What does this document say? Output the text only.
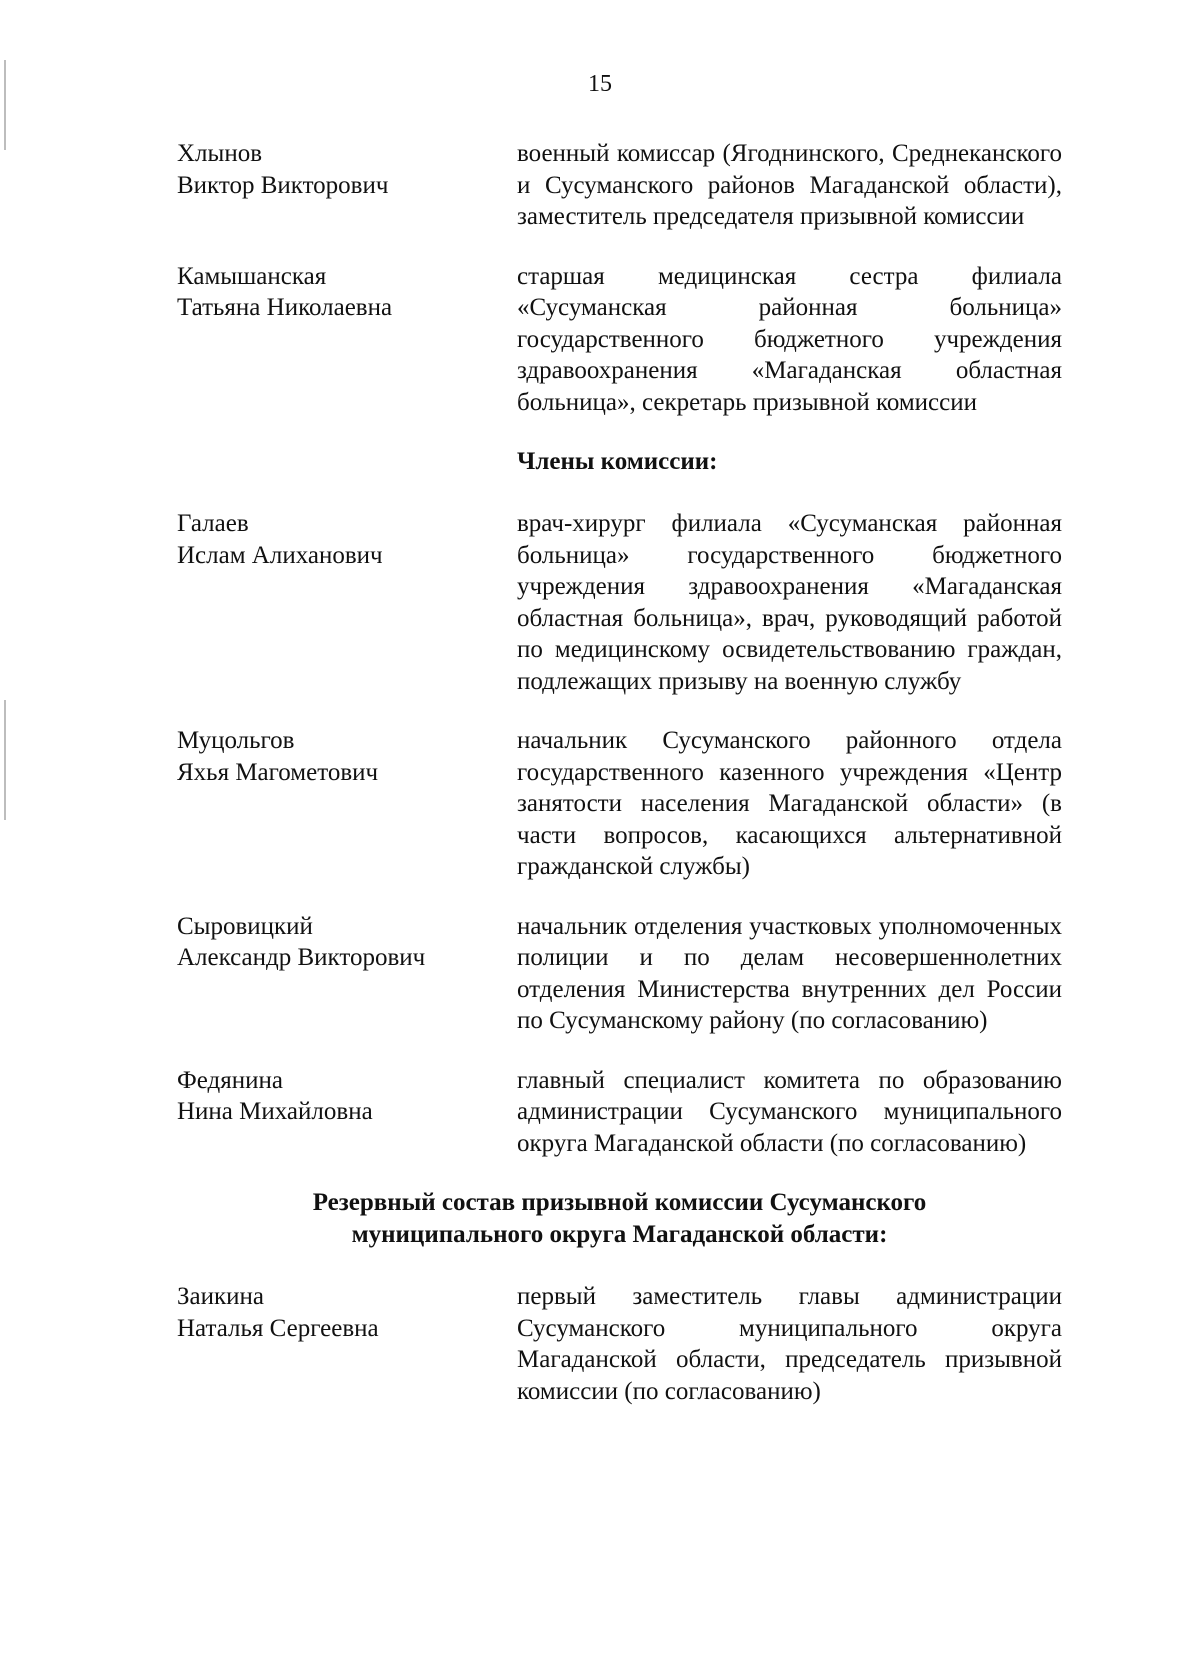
15
Хлынов
Виктор Викторович

военный комиссар (Ягоднинского, Среднеканского и Сусуманского районов Магаданской области), заместитель председателя призывной комиссии

Камышанская
Татьяна Николаевна

старшая медицинская сестра филиала «Сусуманская районная больница» государственного бюджетного учреждения здравоохранения «Магаданская областная больница», секретарь призывной комиссии

Члены комиссии:
Галаев
Ислам Алиханович

врач-хирург филиала «Сусуманская районная больница» государственного бюджетного учреждения здравоохранения «Магаданская областная больница», врач, руководящий работой по медицинскому освидетельствованию граждан, подлежащих призыву на военную службу

Муцольгов
Яхья Магометович

начальник Сусуманского районного отдела государственного казенного учреждения «Центр занятости населения Магаданской области» (в части вопросов, касающихся альтернативной гражданской службы)

Сыровицкий
Александр Викторович

начальник отделения участковых уполномоченных полиции и по делам несовершеннолетних отделения Министерства внутренних дел России по Сусуманскому району (по согласованию)

Федянина
Нина Михайловна

главный специалист комитета по образованию администрации Сусуманского муниципального округа Магаданской области (по согласованию)

Резервный состав призывной комиссии Сусуманского
муниципального округа Магаданской области:
Заикина
Наталья Сергеевна

первый заместитель главы администрации Сусуманского муниципального округа Магаданской области, председатель призывной комиссии (по согласованию)
